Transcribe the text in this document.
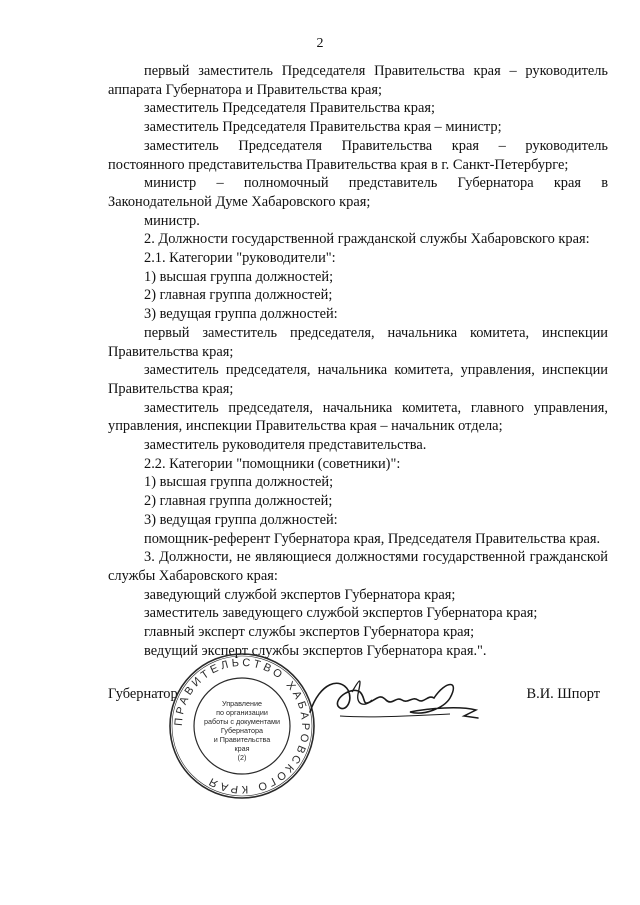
2

первый заместитель Председателя Правительства края – руководитель аппарата Губернатора и Правительства края;

заместитель Председателя Правительства края;

заместитель Председателя Правительства края – министр;

заместитель Председателя Правительства края – руководитель постоянного представительства Правительства края в г. Санкт-Петербурге;

министр – полномочный представитель Губернатора края в Законодательной Думе Хабаровского края;

министр.

2. Должности государственной гражданской службы Хабаровского края:

2.1. Категории "руководители":

1) высшая группа должностей;

2) главная группа должностей;

3) ведущая группа должностей:

первый заместитель председателя, начальника комитета, инспекции Правительства края;

заместитель председателя, начальника комитета, управления, инспекции Правительства края;

заместитель председателя, начальника комитета, главного управления, управления, инспекции Правительства края – начальник отдела;

заместитель руководителя представительства.

2.2. Категории "помощники (советники)":

1) высшая группа должностей;

2) главная группа должностей;

3) ведущая группа должностей:

помощник-референт Губернатора края, Председателя Правительства края.

3. Должности, не являющиеся должностями государственной гражданской службы Хабаровского края:

заведующий службой экспертов Губернатора края;

заместитель заведующего службой экспертов Губернатора края;

главный эксперт службы экспертов Губернатора края;

ведущий эксперт службы экспертов Губернатора края.".

Губернатор	В.И. Шпорт
ПРАВИТЕЛЬСТВО ХАБАРОВСКОГО КРАЯ
Управление
по организации
работы с документами
Губернатора
и Правительства
края
(2)
